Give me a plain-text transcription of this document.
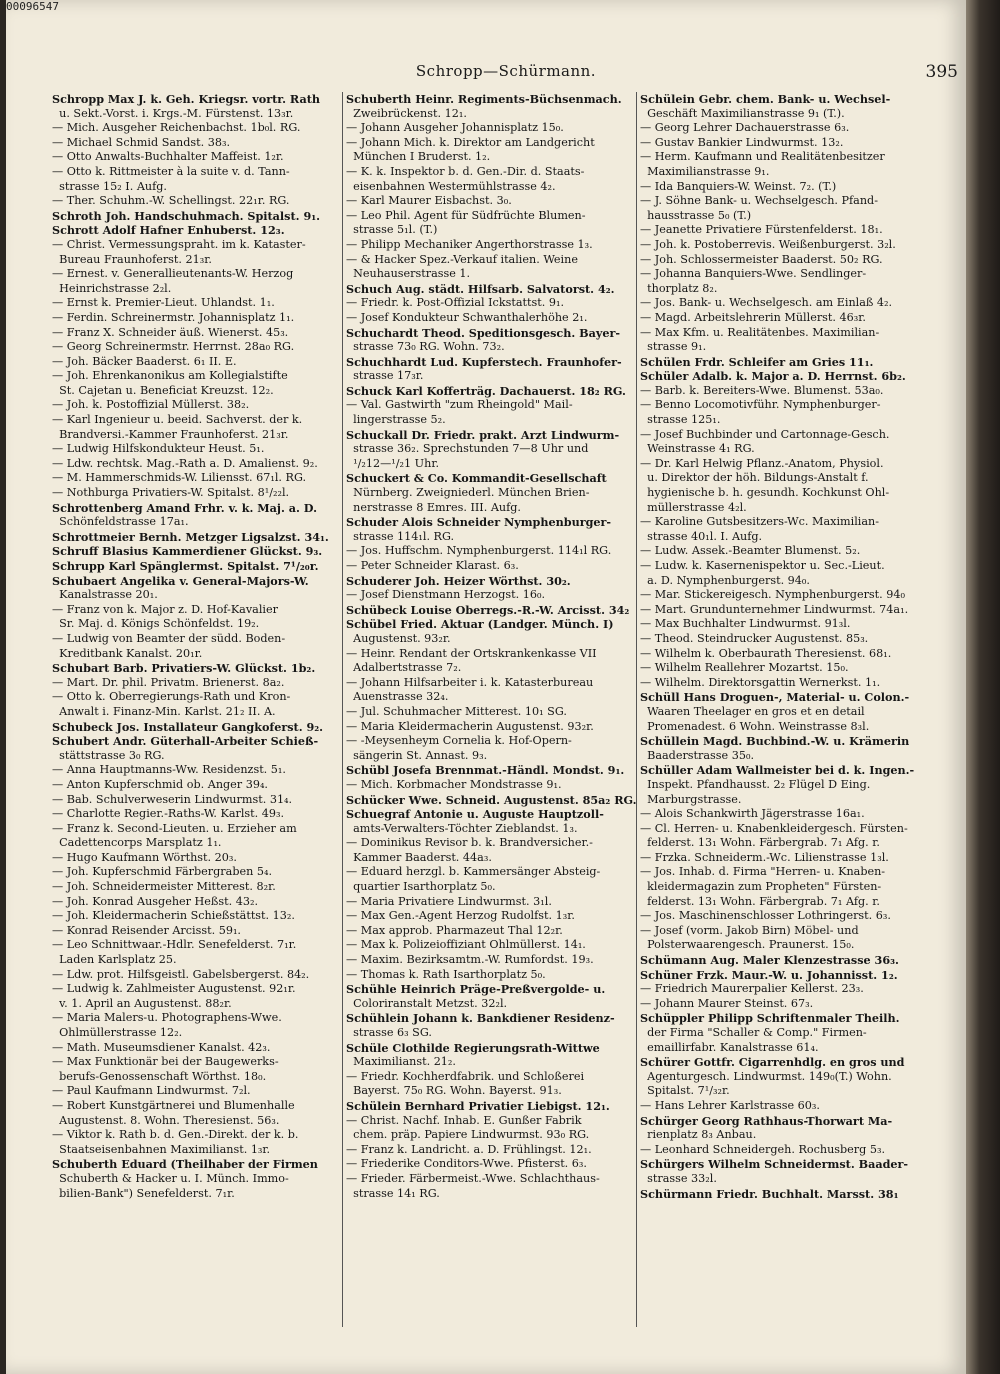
00096547
Schropp—Schürmann.	395
Schropp Max J. k. Geh. Kriegsr. vortr. Rath
u. Sekt.-Vorst. i. Krgs.-M. Fürstenst. 13₃r.
— Mich. Ausgeher Reichenbachst. 1b₀l. RG.
— Michael Schmid Sandst. 38₃.
— Otto Anwalts-Buchhalter Maffeist. 1₂r.
— Otto k. Rittmeister à la suite v. d. Tann-
strasse 15₂ I. Aufg.
— Ther. Schuhm.-W. Schellingst. 22₁r. RG.
Schroth Joh. Handschuhmach. Spitalst. 9₁.
Schrott Adolf Hafner Enhuberst. 12₃.
— Christ. Vermessungspraht. im k. Kataster-
Bureau Fraunhoferst. 21₃r.
— Ernest. v. Generallieutenants-W. Herzog
Heinrichstrasse 2₂l.
— Ernst k. Premier-Lieut. Uhlandst. 1₁.
— Ferdin. Schreinermstr. Johannisplatz 1₁.
— Franz X. Schneider äuß. Wienerst. 45₃.
— Georg Schreinermstr. Herrnst. 28a₀ RG.
— Joh. Bäcker Baaderst. 6₁ II. E.
— Joh. Ehrenkanonikus am Kollegialstifte
St. Cajetan u. Beneficiat Kreuzst. 12₂.
— Joh. k. Postoffizial Müllerst. 38₂.
— Karl Ingenieur u. beeid. Sachverst. der k.
Brandversi.-Kammer Fraunhoferst. 21₃r.
— Ludwig Hilfskondukteur Heust. 5₁.
— Ldw. rechtsk. Mag.-Rath a. D. Amalienst. 9₂.
— M. Hammerschmids-W. Liliensst. 67₁l. RG.
— Nothburga Privatiers-W. Spitalst. 8¹/₂₂l.
Schrottenberg Amand Frhr. v. k. Maj. a. D.
Schönfeldstrasse 17a₁.
Schrottmeier Bernh. Metzger Ligsalzst. 34₁.
Schruff Blasius Kammerdiener Glückst. 9₃.
Schrupp Karl Spänglermst. Spitalst. 7¹/₂₀r.
Schubaert Angelika v. General-Majors-W.
Kanalstrasse 20₁.
— Franz von k. Major z. D. Hof-Kavalier
Sr. Maj. d. Königs Schönfeldst. 19₂.
— Ludwig von Beamter der südd. Boden-
Kreditbank Kanalst. 20₁r.
Schubart Barb. Privatiers-W. Glückst. 1b₂.
— Mart. Dr. phil. Privatm. Brienerst. 8a₂.
— Otto k. Oberregierungs-Rath und Kron-
Anwalt i. Finanz-Min. Karlst. 21₂ II. A.
Schubeck Jos. Installateur Gangkoferst. 9₂.
Schubert Andr. Güterhall-Arbeiter Schieß-
stättstrasse 3₀ RG.
— Anna Hauptmanns-Ww. Residenzst. 5₁.
— Anton Kupferschmid ob. Anger 39₄.
— Bab. Schulverweserin Lindwurmst. 31₄.
— Charlotte Regier.-Raths-W. Karlst. 49₃.
— Franz k. Second-Lieuten. u. Erzieher am
Cadettencorps Marsplatz 1₁.
— Hugo Kaufmann Wörthst. 20₃.
— Joh. Kupferschmid Färbergraben 5₄.
— Joh. Schneidermeister Mitterest. 8₂r.
— Joh. Konrad Ausgeher Heßst. 43₂.
— Joh. Kleidermacherin Schießstättst. 13₂.
— Konrad Reisender Arcisst. 59₁.
— Leo Schnittwaar.-Hdlr. Senefelderst. 7₁r.
Laden Karlsplatz 25.
— Ldw. prot. Hilfsgeistl. Gabelsbergerst. 84₂.
— Ludwig k. Zahlmeister Augustenst. 92₁r.
v. 1. April an Augustenst. 88₂r.
— Maria Malers-u. Photographens-Wwe.
Ohlmüllerstrasse 12₂.
— Math. Museumsdiener Kanalst. 42₃.
— Max Funktionär bei der Baugewerks-
berufs-Genossenschaft Wörthst. 18₀.
— Paul Kaufmann Lindwurmst. 7₂l.
— Robert Kunstgärtnerei und Blumenhalle
Augustenst. 8. Wohn. Theresienst. 56₃.
— Viktor k. Rath b. d. Gen.-Direkt. der k. b.
Staatseisenbahnen Maximilianst. 1₃r.
Schuberth Eduard (Theilhaber der Firmen
Schuberth & Hacker u. I. Münch. Immo-
bilien-Bank") Senefelderst. 7₁r.
Schuberth Heinr. Regiments-Büchsenmach.
Zweibrückenst. 12₁.
— Johann Ausgeher Johannisplatz 15₀.
— Johann Mich. k. Direktor am Landgericht
München I Bruderst. 1₂.
— K. k. Inspektor b. d. Gen.-Dir. d. Staats-
eisenbahnen Westermühlstrasse 4₂.
— Karl Maurer Eisbachst. 3₀.
— Leo Phil. Agent für Südfrüchte Blumen-
strasse 5₁l. (T.)
— Philipp Mechaniker Angerthorstrasse 1₃.
— & Hacker Spez.-Verkauf italien. Weine
Neuhauserstrasse 1.
Schuch Aug. städt. Hilfsarb. Salvatorst. 4₂.
— Friedr. k. Post-Offizial Ickstattst. 9₁.
— Josef Kondukteur Schwanthalerhöhe 2₁.
Schuchardt Theod. Speditionsgesch. Bayer-
strasse 73₀ RG. Wohn. 73₂.
Schuchhardt Lud. Kupferstech. Fraunhofer-
strasse 17₃r.
Schuck Karl Kofferträg. Dachauerst. 18₂ RG.
— Val. Gastwirth "zum Rheingold" Mail-
lingerstrasse 5₂.
Schuckall Dr. Friedr. prakt. Arzt Lindwurm-
strasse 36₂. Sprechstunden 7—8 Uhr und
¹/₂12—¹/₂1 Uhr.
Schuckert & Co. Kommandit-Gesellschaft
Nürnberg. Zweigniederl. München Brien-
nerstrasse 8 Emres. III. Aufg.
Schuder Alois Schneider Nymphenburger-
strasse 114₁l. RG.
— Jos. Huffschm. Nymphenburgerst. 114₁l RG.
— Peter Schneider Klarast. 6₃.
Schuderer Joh. Heizer Wörthst. 30₂.
— Josef Dienstmann Herzogst. 16₀.
Schübeck Louise Oberregs.-R.-W. Arcisst. 34₂
Schübel Fried. Aktuar (Landger. Münch. I)
Augustenst. 93₂r.
— Heinr. Rendant der Ortskrankenkasse VII
Adalbertstrasse 7₂.
— Johann Hilfsarbeiter i. k. Katasterbureau
Auenstrasse 32₄.
— Jul. Schuhmacher Mitterest. 10₁ SG.
— Maria Kleidermacherin Augustenst. 93₂r.
— -Meysenheym Cornelia k. Hof-Opern-
sängerin St. Annast. 9₃.
Schübl Josefa Brennmat.-Händl. Mondst. 9₁.
— Mich. Korbmacher Mondstrasse 9₁.
Schücker Wwe. Schneid. Augustenst. 85a₂ RG.
Schuegraf Antonie u. Auguste Hauptzoll-
amts-Verwalters-Töchter Zieblandst. 1₃.
— Dominikus Revisor b. k. Brandversicher.-
Kammer Baaderst. 44a₃.
— Eduard herzgl. b. Kammersänger Absteig-
quartier Isarthorplatz 5₀.
— Maria Privatiere Lindwurmst. 3₁l.
— Max Gen.-Agent Herzog Rudolfst. 1₃r.
— Max approb. Pharmazeut Thal 12₂r.
— Max k. Polizeioffiziant Ohlmüllerst. 14₁.
— Maxim. Bezirksamtm.-W. Rumfordst. 19₃.
— Thomas k. Rath Isarthorplatz 5₀.
Schühle Heinrich Präge-Preßvergolde- u.
Coloriranstalt Metzst. 32₂l.
Schühlein Johann k. Bankdiener Residenz-
strasse 6₃ SG.
Schüle Clothilde Regierungsrath-Wittwe
Maximilianst. 21₂.
— Friedr. Kochherdfabrik. und Schloßerei
Bayerst. 75₀ RG. Wohn. Bayerst. 91₃.
Schülein Bernhard Privatier Liebigst. 12₁.
— Christ. Nachf. Inhab. E. Gunßer Fabrik
chem. präp. Papiere Lindwurmst. 93₀ RG.
— Franz k. Landricht. a. D. Frühlingst. 12₁.
— Friederike Conditors-Wwe. Pfisterst. 6₃.
— Frieder. Färbermeist.-Wwe. Schlachthaus-
strasse 14₁ RG.
Schülein Gebr. chem. Bank- u. Wechsel-
Geschäft Maximilianstrasse 9₁ (T.).
— Georg Lehrer Dachauerstrasse 6₃.
— Gustav Bankier Lindwurmst. 13₂.
— Herm. Kaufmann und Realitätenbesitzer
Maximilianstrasse 9₁.
— Ida Banquiers-W. Weinst. 7₂. (T.)
— J. Söhne Bank- u. Wechselgesch. Pfand-
hausstrasse 5₀ (T.)
— Jeanette Privatiere Fürstenfelderst. 18₁.
— Joh. k. Postoberrevis. Weißenburgerst. 3₂l.
— Joh. Schlossermeister Baaderst. 50₂ RG.
— Johanna Banquiers-Wwe. Sendlinger-
thorplatz 8₂.
— Jos. Bank- u. Wechselgesch. am Einlaß 4₂.
— Magd. Arbeitslehrerin Müllerst. 46₃r.
— Max Kfm. u. Realitätenbes. Maximilian-
strasse 9₁.
Schülen Frdr. Schleifer am Gries 11₁.
Schüler Adalb. k. Major a. D. Herrnst. 6b₂.
— Barb. k. Bereiters-Wwe. Blumenst. 53a₀.
— Benno Locomotivführ. Nymphenburger-
strasse 125₁.
— Josef Buchbinder und Cartonnage-Gesch.
Weinstrasse 4₁ RG.
— Dr. Karl Helwig Pflanz.-Anatom, Physiol.
u. Direktor der höh. Bildungs-Anstalt f.
hygienische b. h. gesundh. Kochkunst Ohl-
müllerstrasse 4₂l.
— Karoline Gutsbesitzers-Wc. Maximilian-
strasse 40₁l. I. Aufg.
— Ludw. Assek.-Beamter Blumenst. 5₂.
— Ludw. k. Kasernenispektor u. Sec.-Lieut.
a. D. Nymphenburgerst. 94₀.
— Mar. Stickereigesch. Nymphenburgerst. 94₀
— Mart. Grundunternehmer Lindwurmst. 74a₁.
— Max Buchhalter Lindwurmst. 91₃l.
— Theod. Steindrucker Augustenst. 85₃.
— Wilhelm k. Oberbaurath Theresienst. 68₁.
— Wilhelm Reallehrer Mozartst. 15₀.
— Wilhelm. Direktorsgattin Wernerkst. 1₁.
Schüll Hans Droguen-, Material- u. Colon.-
Waaren Theelager en gros et en detail
Promenadest. 6 Wohn. Weinstrasse 8₃l.
Schüllein Magd. Buchbind.-W. u. Krämerin
Baaderstrasse 35₀.
Schüller Adam Wallmeister bei d. k. Ingen.-
Inspekt. Pfandhausst. 2₂ Flügel D Eing.
Marburgstrasse.
— Alois Schankwirth Jägerstrasse 16a₁.
— Cl. Herren- u. Knabenkleidergesch. Fürsten-
felderst. 13₁ Wohn. Färbergrab. 7₁ Afg. r.
— Frzka. Schneiderm.-Wc. Lilienstrasse 1₃l.
— Jos. Inhab. d. Firma "Herren- u. Knaben-
kleidermagazin zum Propheten" Fürsten-
felderst. 13₁ Wohn. Färbergrab. 7₁ Afg. r.
— Jos. Maschinenschlosser Lothringerst. 6₃.
— Josef (vorm. Jakob Birn) Möbel- und
Polsterwaarengesch. Praunerst. 15₀.
Schümann Aug. Maler Klenzestrasse 36₃.
Schüner Frzk. Maur.-W. u. Johannisst. 1₂.
— Friedrich Maurerpalier Kellerst. 23₃.
— Johann Maurer Steinst. 67₃.
Schüppler Philipp Schriftenmaler Theilh.
der Firma "Schaller & Comp." Firmen-
emaillirfabr. Kanalstrasse 61₄.
Schürer Gottfr. Cigarrenhdlg. en gros und
Agenturgesch. Lindwurmst. 149₀(T.) Wohn.
Spitalst. 7¹/₃₂r.
— Hans Lehrer Karlstrasse 60₃.
Schürger Georg Rathhaus-Thorwart Ma-
rienplatz 8₃ Anbau.
— Leonhard Schneidergeh. Rochusberg 5₃.
Schürgers Wilhelm Schneidermst. Baader-
strasse 33₂l.
Schürmann Friedr. Buchhalt. Marsst. 38₁
